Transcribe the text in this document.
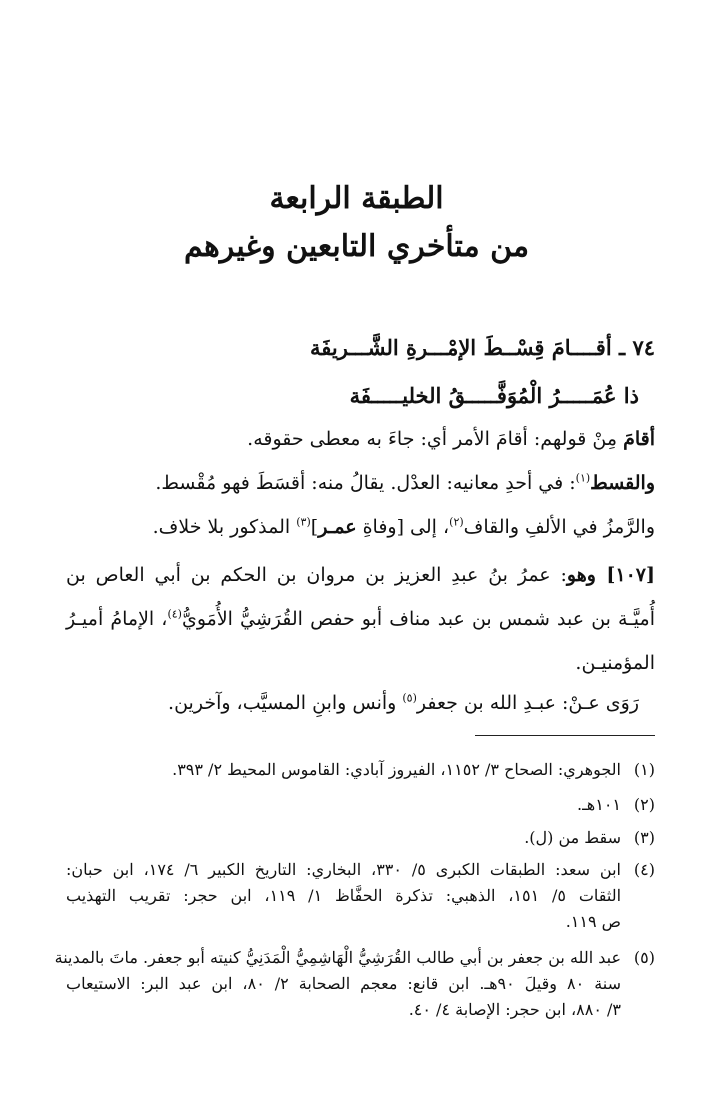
الطبقة الرابعة
من متأخري التابعين وغيرهم
٧٤ ـ أقــــامَ قِسْــطَ الإمْـــرةِ الشَّـــريفَة
ذا عُمَـــــرُ الْمُوَفَّـــــقُ الخليـــــفَة
أقامَ مِنْ قولهم: أقامَ الأمر أي: جاءَ به معطى حقوقه.
والقسط$^{(١)}$: في أحدِ معانيه: العدْل. يقالُ منه: أقسَطَ فهو مُقْسط.
والرَّمزُ في الألفِ والقاف$^{(٢)}$، إلى [وفاةِ عمـر]$^{(٣)}$ المذكور بلا خلاف.
[١٠٧] وهو: عمرُ بنُ عبدِ العزيز بن مروان بن الحكم بن أبي العاص بن
أُميَّـة بن عبد شمس بن عبد مناف أبو حفص القُرَشِيُّ الأُمَويُّ$^{(٤)}$، الإمامُ أميـرُ
المؤمنيـن.
رَوَى عـنْ: عبـدِ الله بن جعفر$^{(٥)}$ وأنس وابنِ المسيَّب، وآخرين.
(١)الجوهري: الصحاح ٣/ ١١٥٢، الفيروز آبادي: القاموس المحيط ٢/ ٣٩٣.
(٢)١٠١هـ.
(٣)سقط من (ل).
(٤)ابن سعد: الطبقات الكبرى ٥/ ٣٣٠، البخاري: التاريخ الكبير ٦/ ١٧٤، ابن حبان:
الثقات ٥/ ١٥١، الذهبي: تذكرة الحفَّاظ ١/ ١١٩، ابن حجر: تقريب التهذيب
ص ١١٩.
(٥)عبد الله بن جعفر بن أبي طالب القُرَشِيُّ الْهَاشِمِيُّ الْمَدَنِيُّ كنيته أبو جعفر. ماتَ بالمدينة
سنة ٨٠ وقيلَ ٩٠هـ. ابن قانع: معجم الصحابة ٢/ ٨٠، ابن عبد البر: الاستيعاب
٣/ ٨٨٠، ابن حجر: الإصابة ٤/ ٤٠.
